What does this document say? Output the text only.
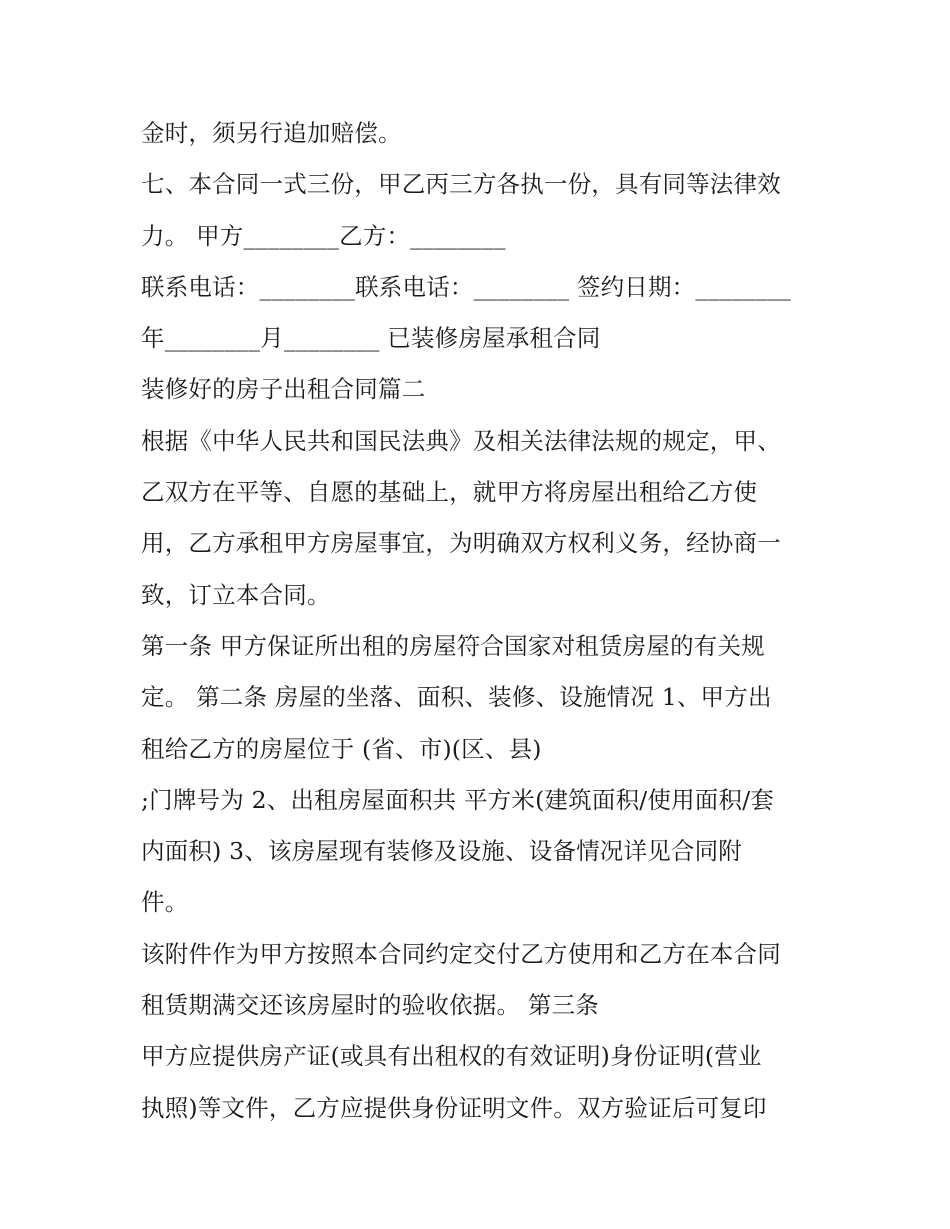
金时，须另行追加赔偿。
七、本合同一式三份，甲乙丙三方各执一份，具有同等法律效
力。 甲方________乙方：________
联系电话：________联系电话：________ 签约日期：________
年________月________ 已装修房屋承租合同
装修好的房子出租合同篇二
根据《中华人民共和国民法典》及相关法律法规的规定，甲、
乙双方在平等、自愿的基础上，就甲方将房屋出租给乙方使
用，乙方承租甲方房屋事宜，为明确双方权利义务，经协商一
致，订立本合同。
第一条 甲方保证所出租的房屋符合国家对租赁房屋的有关规
定。 第二条 房屋的坐落、面积、装修、设施情况 1、甲方出
租给乙方的房屋位于 (省、市)(区、县)
;门牌号为 2、出租房屋面积共 平方米(建筑面积/使用面积/套
内面积) 3、该房屋现有装修及设施、设备情况详见合同附
件。
该附件作为甲方按照本合同约定交付乙方使用和乙方在本合同
租赁期满交还该房屋时的验收依据。 第三条
甲方应提供房产证(或具有出租权的有效证明)身份证明(营业
执照)等文件，乙方应提供身份证明文件。双方验证后可复印
